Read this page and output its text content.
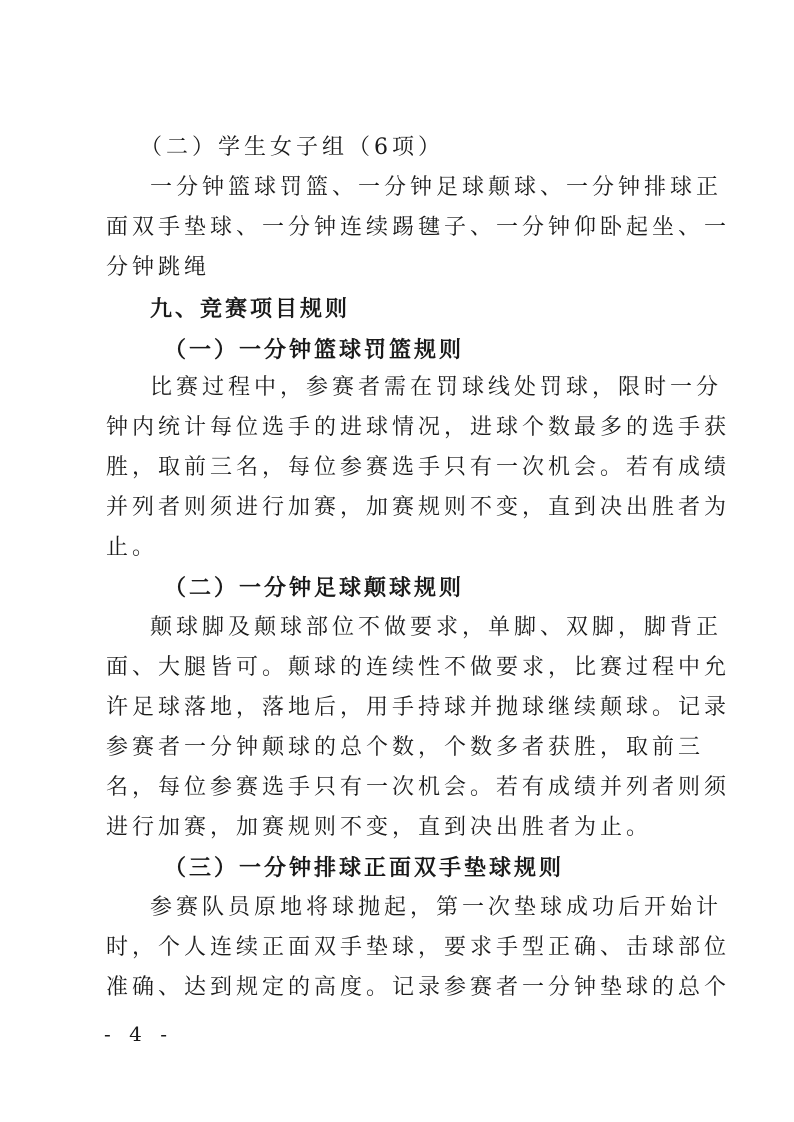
（二）学生女子组（6项）
一分钟篮球罚篮、一分钟足球颠球、一分钟排球正
面双手垫球、一分钟连续踢毽子、一分钟仰卧起坐、一
分钟跳绳
九、竞赛项目规则
（一）一分钟篮球罚篮规则
比赛过程中，参赛者需在罚球线处罚球，限时一分
钟内统计每位选手的进球情况，进球个数最多的选手获
胜，取前三名，每位参赛选手只有一次机会。若有成绩
并列者则须进行加赛，加赛规则不变，直到决出胜者为
止。
（二）一分钟足球颠球规则
颠球脚及颠球部位不做要求，单脚、双脚，脚背正
面、大腿皆可。颠球的连续性不做要求，比赛过程中允
许足球落地，落地后，用手持球并抛球继续颠球。记录
参赛者一分钟颠球的总个数，个数多者获胜，取前三
名，每位参赛选手只有一次机会。若有成绩并列者则须
进行加赛，加赛规则不变，直到决出胜者为止。
（三）一分钟排球正面双手垫球规则
参赛队员原地将球抛起，第一次垫球成功后开始计
时，个人连续正面双手垫球，要求手型正确、击球部位
准确、达到规定的高度。记录参赛者一分钟垫球的总个
- 4 -
